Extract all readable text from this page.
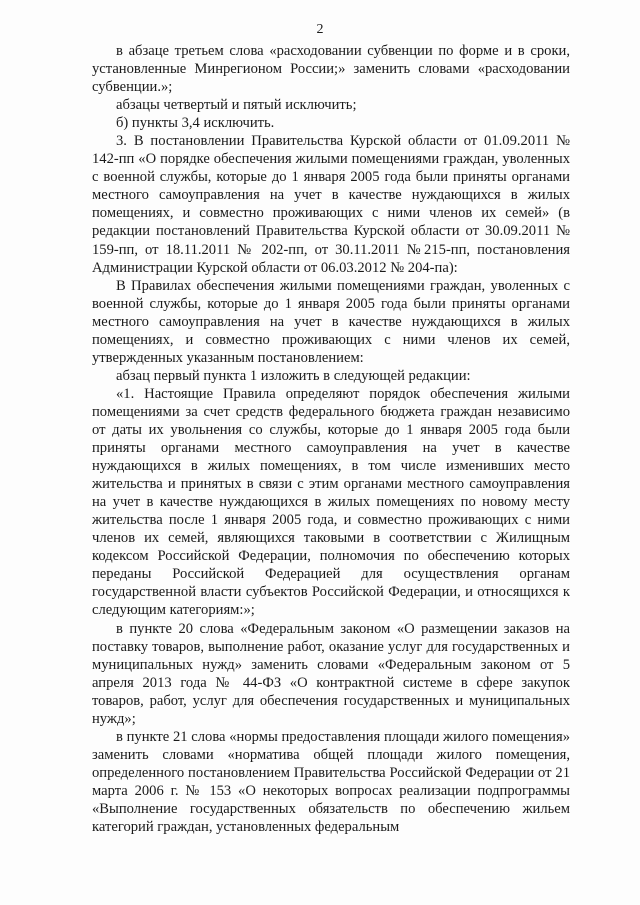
2

в абзаце третьем слова «расходовании субвенции по форме и в сроки, установленные Минрегионом России;» заменить словами «расходовании субвенции.»;

абзацы четвертый и пятый исключить;

б) пункты 3,4 исключить.

3. В постановлении Правительства Курской области от 01.09.2011 № 142-пп «О порядке обеспечения жилыми помещениями граждан, уволенных с военной службы, которые до 1 января 2005 года были приняты органами местного самоуправления на учет в качестве нуждающихся в жилых помещениях, и совместно проживающих с ними членов их семей» (в редакции постановлений Правительства Курской области от 30.09.2011 № 159-пп, от 18.11.2011 № 202-пп, от 30.11.2011 №215-пп, постановления Администрации Курской области от 06.03.2012 № 204-па):

В Правилах обеспечения жилыми помещениями граждан, уволенных с военной службы, которые до 1 января 2005 года были приняты органами местного самоуправления на учет в качестве нуждающихся в жилых помещениях, и совместно проживающих с ними членов их семей, утвержденных указанным постановлением:

абзац первый пункта 1 изложить в следующей редакции:

«1. Настоящие Правила определяют порядок обеспечения жилыми помещениями за счет средств федерального бюджета граждан независимо от даты их увольнения со службы, которые до 1 января 2005 года были приняты органами местного самоуправления на учет в качестве нуждающихся в жилых помещениях, в том числе изменивших место жительства и принятых в связи с этим органами местного самоуправления на учет в качестве нуждающихся в жилых помещениях по новому месту жительства после 1 января 2005 года, и совместно проживающих с ними членов их семей, являющихся таковыми в соответствии с Жилищным кодексом Российской Федерации, полномочия по обеспечению которых переданы Российской Федерацией для осуществления органам государственной власти субъектов Российской Федерации, и относящихся к следующим категориям:»;

в пункте 20 слова «Федеральным законом «О размещении заказов на поставку товаров, выполнение работ, оказание услуг для государственных и муниципальных нужд» заменить словами «Федеральным законом от 5 апреля 2013 года № 44-ФЗ «О контрактной системе в сфере закупок товаров, работ, услуг для обеспечения государственных и муниципальных нужд»;

в пункте 21 слова «нормы предоставления площади жилого помещения» заменить словами «норматива общей площади жилого помещения, определенного постановлением Правительства Российской Федерации от 21 марта 2006 г. № 153 «О некоторых вопросах реализации подпрограммы «Выполнение государственных обязательств по обеспечению жильем категорий граждан, установленных федеральным
